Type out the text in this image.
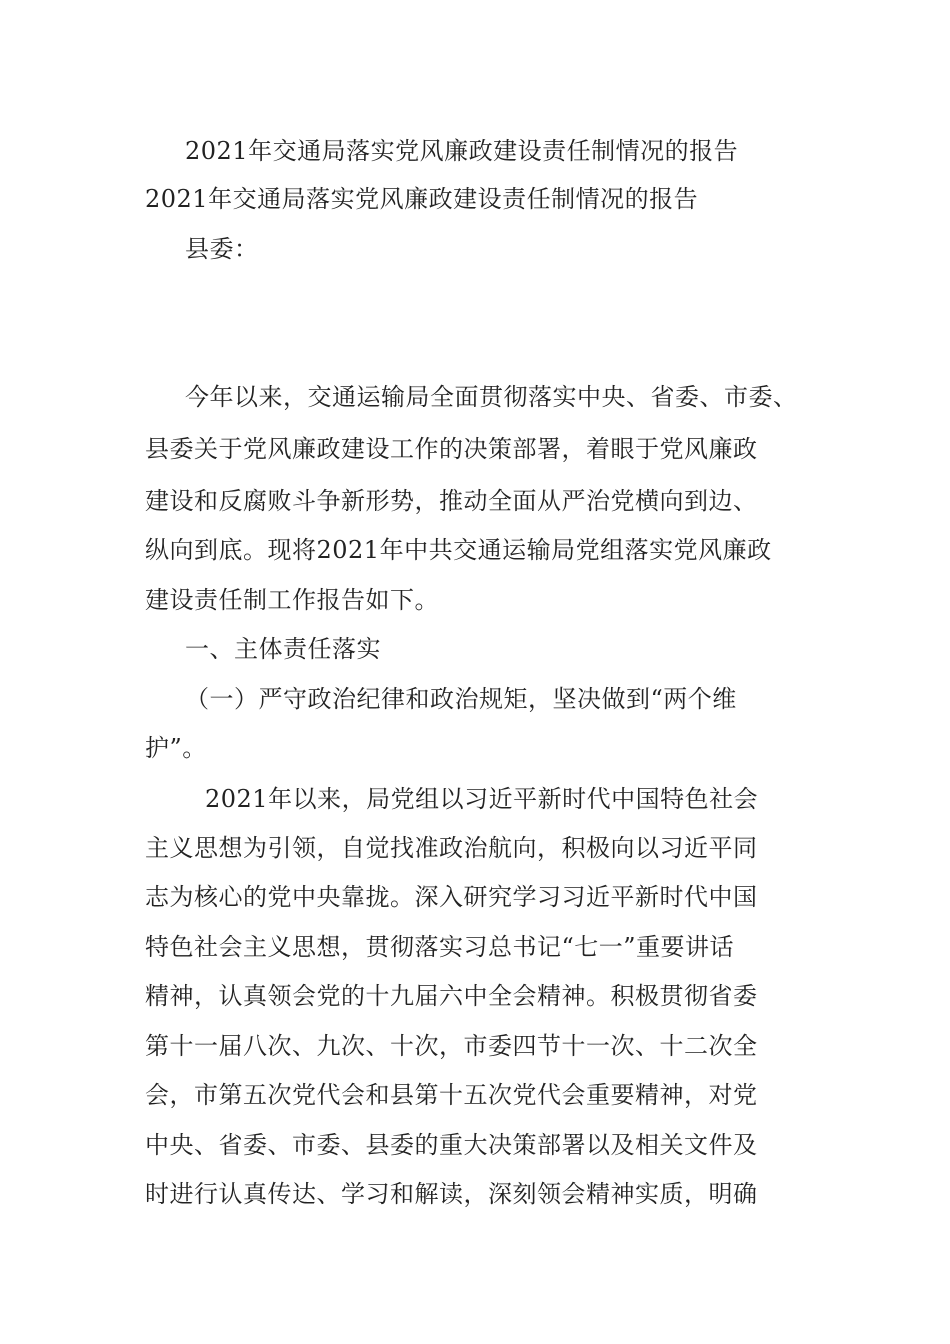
2021年交通局落实党风廉政建设责任制情况的报告
2021年交通局落实党风廉政建设责任制情况的报告
县委：
今年以来，交通运输局全面贯彻落实中央、省委、市委、
县委关于党风廉政建设工作的决策部署，着眼于党风廉政
建设和反腐败斗争新形势，推动全面从严治党横向到边、
纵向到底。现将2021年中共交通运输局党组落实党风廉政
建设责任制工作报告如下。
一、主体责任落实
（一）严守政治纪律和政治规矩，坚决做到“两个维
护”。
2021年以来，局党组以习近平新时代中国特色社会
主义思想为引领，自觉找准政治航向，积极向以习近平同
志为核心的党中央靠拢。深入研究学习习近平新时代中国
特色社会主义思想，贯彻落实习总书记“七一”重要讲话
精神，认真领会党的十九届六中全会精神。积极贯彻省委
第十一届八次、九次、十次，市委四节十一次、十二次全
会，市第五次党代会和县第十五次党代会重要精神，对党
中央、省委、市委、县委的重大决策部署以及相关文件及
时进行认真传达、学习和解读，深刻领会精神实质，明确
